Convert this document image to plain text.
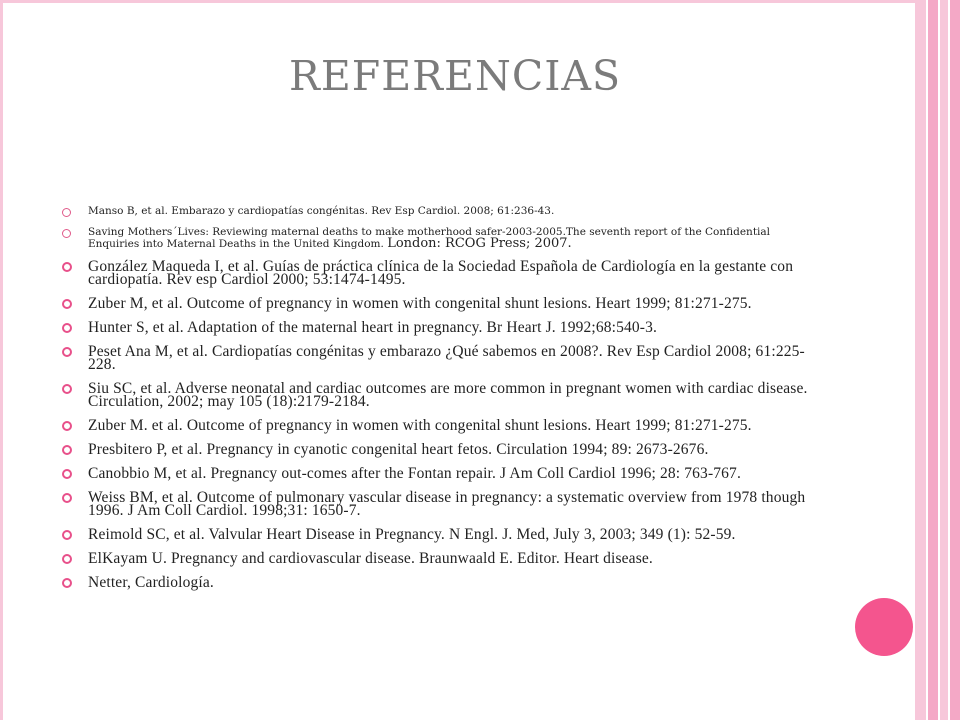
REFERENCIAS
Manso B, et al. Embarazo y cardiopatías congénitas. Rev Esp Cardiol. 2008; 61:236-43.
Saving Mothers´Lives: Reviewing maternal deaths to make motherhood safer-2003-2005.The seventh report of the Confidential Enquiries into Maternal Deaths in the United Kingdom. London: RCOG Press; 2007.
González Maqueda I, et al. Guías de práctica clínica de la Sociedad Española de Cardiología en la gestante con cardiopatía. Rev esp Cardiol 2000; 53:1474-1495.
Zuber M, et al. Outcome of pregnancy in women with congenital shunt lesions. Heart 1999; 81:271-275.
Hunter S, et al. Adaptation of the maternal heart in pregnancy. Br Heart J. 1992;68:540-3.
Peset Ana M, et al. Cardiopatías congénitas y embarazo ¿Qué sabemos en 2008?. Rev Esp Cardiol 2008; 61:225-228.
Siu SC, et al. Adverse neonatal and cardiac outcomes are more common in pregnant women with cardiac disease. Circulation, 2002; may 105 (18):2179-2184.
Zuber M. et al. Outcome of pregnancy in women with congenital shunt lesions. Heart 1999; 81:271-275.
Presbitero P, et al. Pregnancy in cyanotic congenital heart fetos. Circulation 1994; 89: 2673-2676.
Canobbio M, et al. Pregnancy out-comes after the Fontan repair. J Am Coll Cardiol 1996; 28: 763-767.
Weiss BM, et al. Outcome of pulmonary vascular disease in pregnancy: a systematic overview from 1978 though 1996. J Am Coll Cardiol. 1998;31: 1650-7.
Reimold SC, et al. Valvular Heart Disease in Pregnancy. N Engl. J. Med, July 3, 2003; 349 (1): 52-59.
ElKayam U. Pregnancy and cardiovascular disease. Braunwaald E. Editor. Heart disease.
Netter, Cardiología.
